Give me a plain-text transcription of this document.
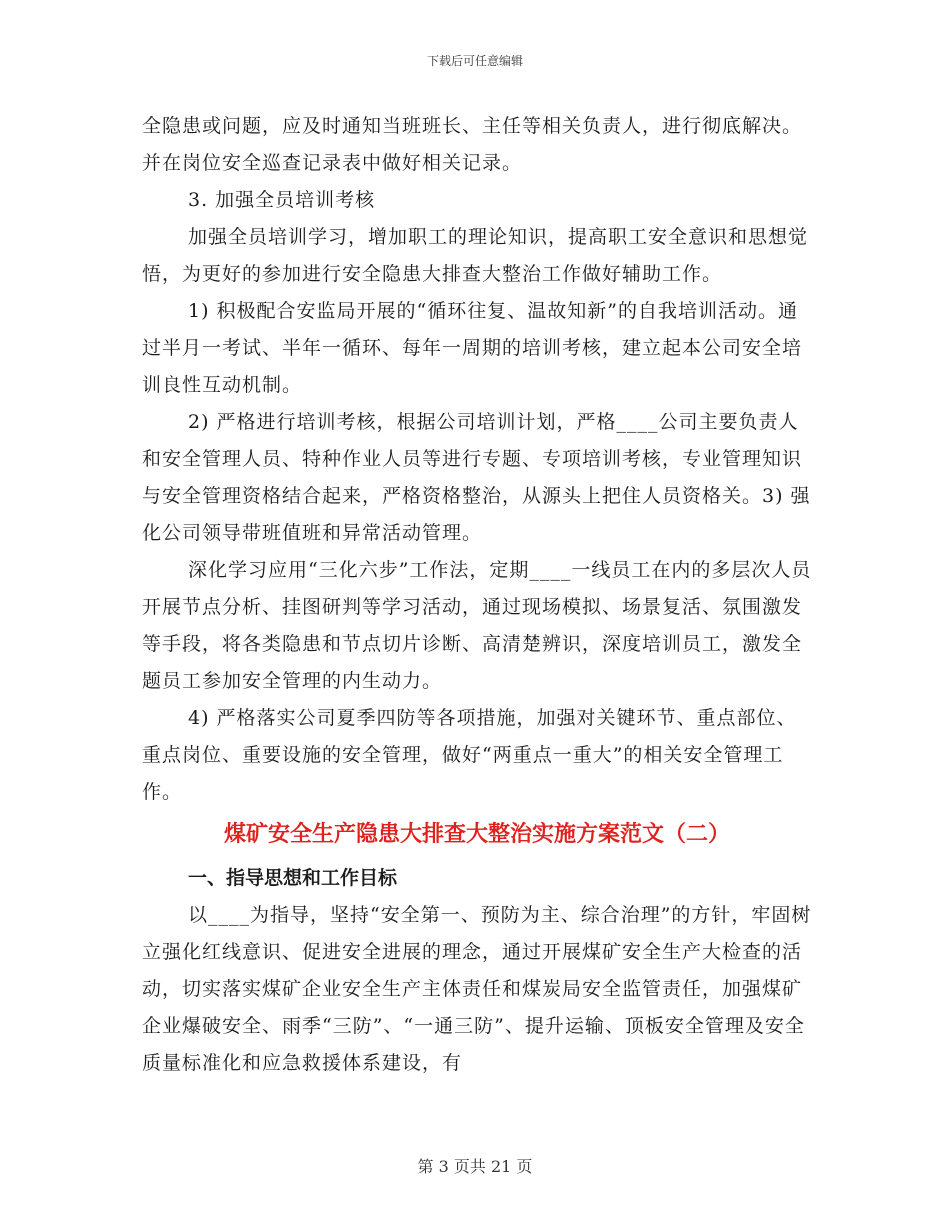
下载后可任意编辑

全隐患或问题，应及时通知当班班长、主任等相关负责人，进行彻底解决。并在岗位安全巡查记录表中做好相关记录。

3. 加强全员培训考核

加强全员培训学习，增加职工的理论知识，提高职工安全意识和思想觉悟，为更好的参加进行安全隐患大排查大整治工作做好辅助工作。

1) 积极配合安监局开展的“循环往复、温故知新”的自我培训活动。通过半月一考试、半年一循环、每年一周期的培训考核，建立起本公司安全培训良性互动机制。

2) 严格进行培训考核，根据公司培训计划，严格____公司主要负责人和安全管理人员、特种作业人员等进行专题、专项培训考核，专业管理知识与安全管理资格结合起来，严格资格整治，从源头上把住人员资格关。3) 强化公司领导带班值班和异常活动管理。

深化学习应用“三化六步”工作法，定期____一线员工在内的多层次人员开展节点分析、挂图研判等学习活动，通过现场模拟、场景复活、氛围激发等手段，将各类隐患和节点切片诊断、高清楚辨识，深度培训员工，激发全题员工参加安全管理的内生动力。

4) 严格落实公司夏季四防等各项措施，加强对关键环节、重点部位、重点岗位、重要设施的安全管理，做好“两重点一重大”的相关安全管理工作。

煤矿安全生产隐患大排查大整治实施方案范文（二）

一、指导思想和工作目标

以____为指导，坚持“安全第一、预防为主、综合治理”的方针，牢固树立强化红线意识、促进安全进展的理念，通过开展煤矿安全生产大检查的活动，切实落实煤矿企业安全生产主体责任和煤炭局安全监管责任，加强煤矿企业爆破安全、雨季“三防”、“一通三防”、提升运输、顶板安全管理及安全质量标准化和应急救援体系建设，有

第 3 页共 21 页
